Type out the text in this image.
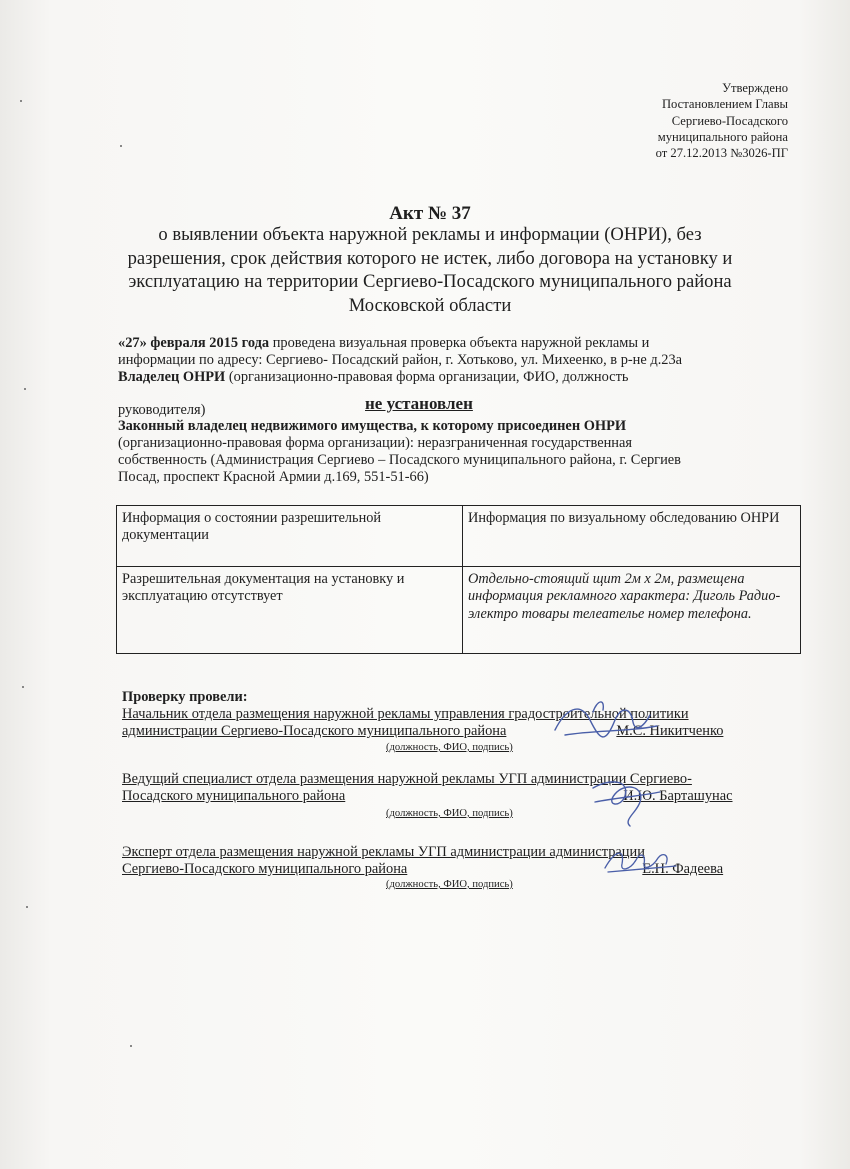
Утверждено
Постановлением Главы
Сергиево-Посадского
муниципального района
от 27.12.2013 №3026-ПГ
Акт № 37
о выявлении объекта наружной рекламы и информации (ОНРИ), без
разрешения, срок действия которого не истек, либо договора на установку и
эксплуатацию на территории Сергиево-Посадского муниципального района
Московской области
«27» февраля 2015 года проведена визуальная проверка объекта наружной рекламы и
информации по адресу: Сергиево- Посадский район, г. Хотьково, ул. Михеенко, в р-не д.23а
Владелец ОНРИ (организационно-правовая форма организации, ФИО, должность
руководителя)	не установлен
Законный владелец недвижимого имущества, к которому присоединен ОНРИ
(организационно-правовая форма организации): неразграниченная государственная
собственность (Администрация Сергиево – Посадского муниципального района, г. Сергиев
Посад, проспект Красной Армии д.169, 551-51-66)
Информация о состоянии разрешительной документации	Информация по визуальному обследованию ОНРИ
Разрешительная документация на установку и эксплуатацию отсутствует	Отдельно-стоящий щит 2м х 2м, размещена информация рекламного характера: Диголь Радио-электро товары телеателье номер телефона.
Проверку провели:
Начальник отдела размещения наружной рекламы управления градостроительной политики
администрации Сергиево-Посадского муниципального района	М.С. Никитченко
(должность, ФИО, подпись)
Ведущий специалист отдела размещения наружной рекламы УГП администрации Сергиево-
Посадского муниципального района	И.Ю. Барташунас
(должность, ФИО, подпись)
Эксперт отдела размещения наружной рекламы УГП администрации администрации
Сергиево-Посадского муниципального района	Е.Н. Фадеева
(должность, ФИО, подпись)
